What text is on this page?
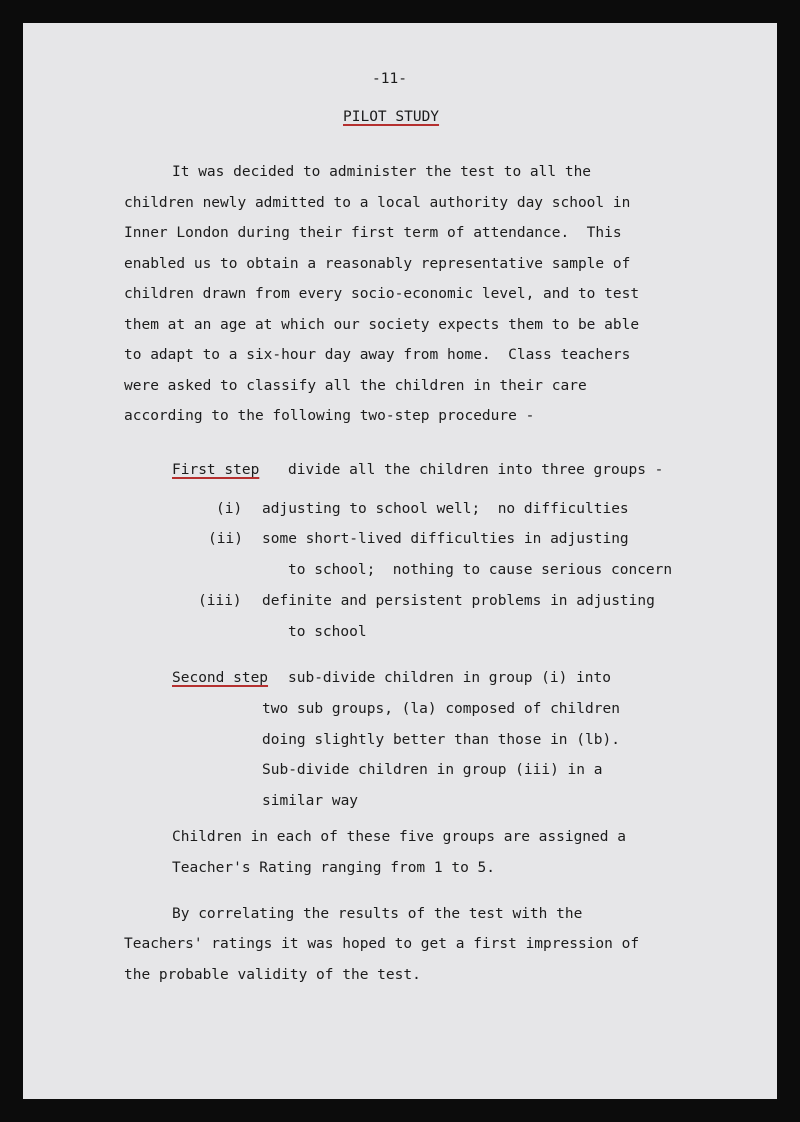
-11-
PILOT STUDY
It was decided to administer the test to all the
children newly admitted to a local authority day school in
Inner London during their first term of attendance.  This
enabled us to obtain a reasonably representative sample of
children drawn from every socio-economic level, and to test
them at an age at which our society expects them to be able
to adapt to a six-hour day away from home.  Class teachers
were asked to classify all the children in their care
according to the following two-step procedure -
First step divide all the children into three groups -
(i) adjusting to school well;  no difficulties
(ii) some short-lived difficulties in adjusting
to school;  nothing to cause serious concern
(iii) definite and persistent problems in adjusting
to school
Second step sub-divide children in group (i) into
two sub groups, (la) composed of children
doing slightly better than those in (lb).
Sub-divide children in group (iii) in a
similar way
Children in each of these five groups are assigned a
Teacher's Rating ranging from 1 to 5.
By correlating the results of the test with the
Teachers' ratings it was hoped to get a first impression of
the probable validity of the test.
